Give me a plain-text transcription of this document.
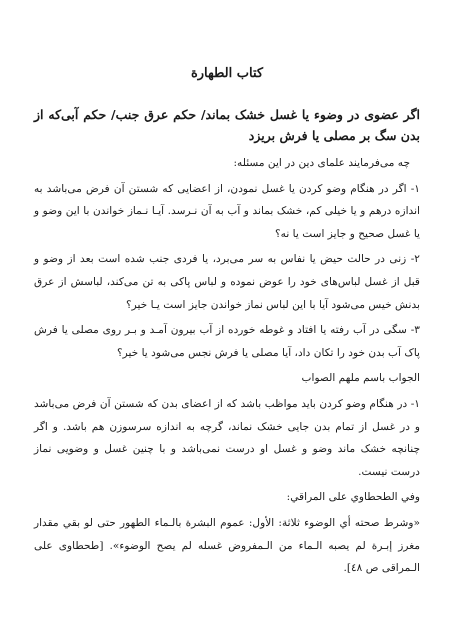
کتاب الطهارة
اگر عضوی در وضوء یا غسل خشک بماند/ حکم عرق جنب/ حکم آبی‌که از بدن سگ بر مصلی یا فرش بریزد

چه می‌فرمایند علمای دین در این مسئله:

۱- اگر در هنگام وضو کردن یا غسل نمودن، از اعضایی که شستن آن فرض می‌باشد به اندازه درهم و یا خیلی کم، خشک بماند و آب به آن نـرسد. آیـا نـماز خواندن با این وضو و یا غسل صحیح و جایز است یا نه؟

۲- زنی در حالت حیض یا نفاس به سر می‌برد، یا فردی جنب شده است بعد از وضو و قبل از غسل لباس‌های خود را عوض نموده و لباس پاکی به تن می‌کند، لباسش از عرق بدنش خیس می‌شود آیا با این لباس نماز خواندن جایز است یـا خیر؟

۳- سگی در آب رفته یا افتاد و غوطه خورده از آب بیرون آمـد و بـر روی مصلی یا فرش پاک آب بدن خود را تکان داد، آیا مصلی یا فرش نجس می‌شود یا خیر؟

الجواب باسم ملهم الصواب

۱- در هنگام وضو کردن باید مواظب باشد که از اعضای بدن که شستن آن فرض می‌باشد و در غسل از تمام بدن جایی خشک نماند، گرچه به اندازه سرسوزن هم باشد. و اگر چنانچه خشک ماند وضو و غسل او درست نمی‌باشد و با چنین غسل و وضویی نماز درست نیست.

وفي الطحطاوي علی المراقي:

«وشرط صحته أي الوضوء ثلاثة: الأول: عموم البشرة بالـماء الطهور حتی لو بقي مقدار مغرز إبـرة لم يصبه الـماء من الـمفروض غسله لم يصح الوضوء». [طحطاوی علی الـمراقی ص ٤٨].
